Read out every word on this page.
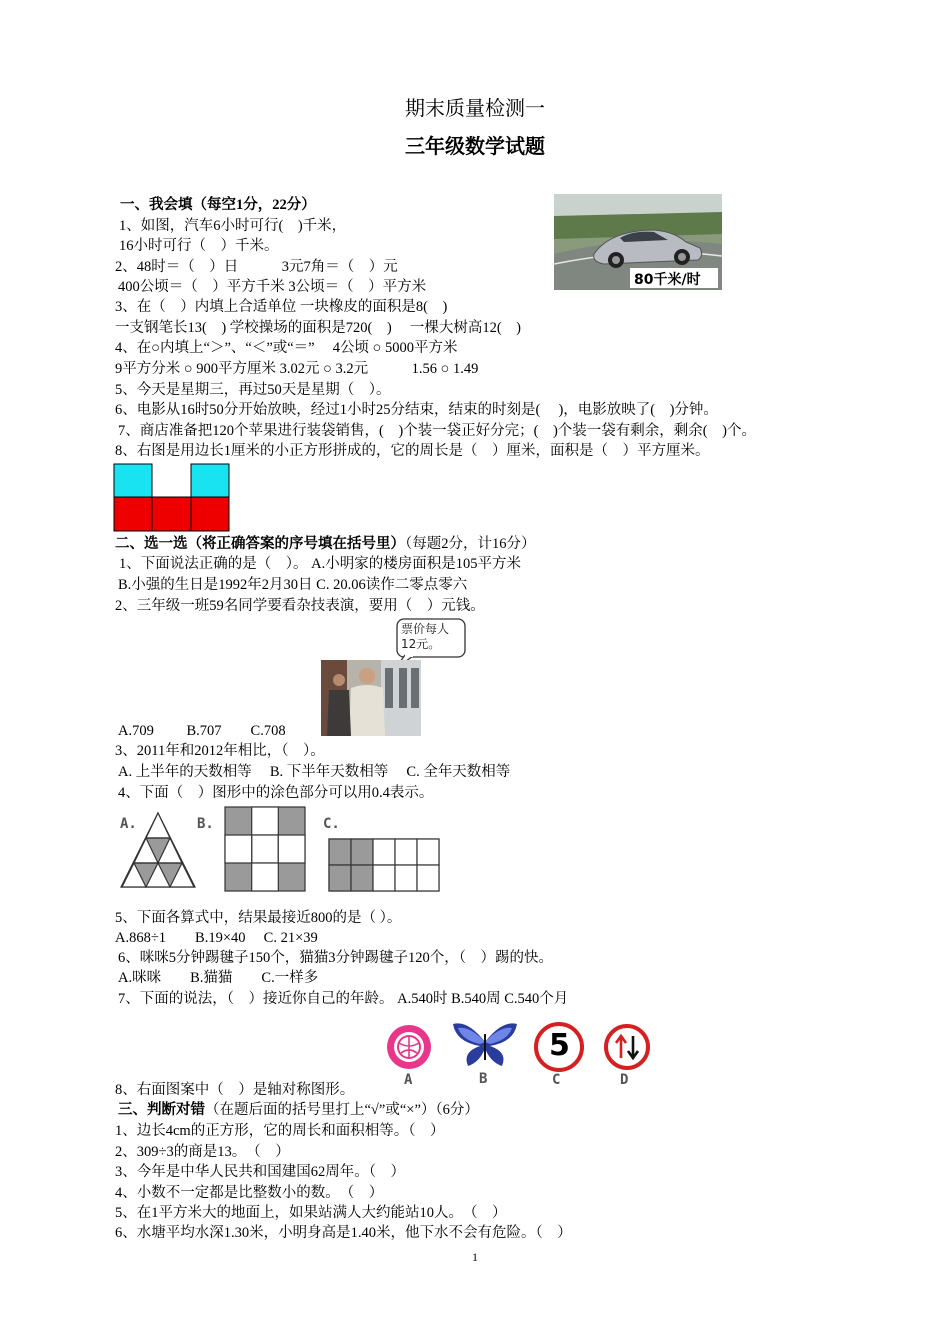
期末质量检测一
三年级数学试题
80千米/时
一、我会填（每空1分，22分）
1、如图，汽车6小时可行(　)千米，
16小时可行（　）千米。
2、48时＝（　）日　　　3元7角＝（　）元
400公顷＝（　）平方千米 3公顷＝（　）平方米
3、在（　）内填上合适单位 一块橡皮的面积是8(　)
一支钢笔长13(　) 学校操场的面积是720(　)　 一棵大树高12(　)
4、在○内填上“＞”、“＜”或“＝”　 4公顷 ○ 5000平方米
9平方分米 ○ 900平方厘米 3.02元 ○ 3.2元　　　1.56 ○ 1.49
5、今天是星期三，再过50天是星期（　）。
6、电影从16时50分开始放映，经过1小时25分结束，结束的时刻是(　 )，电影放映了(　)分钟。
7、商店准备把120个苹果进行装袋销售，(　)个装一袋正好分完；(　)个装一袋有剩余，剩余(　)个。
8、右图是用边长1厘米的小正方形拼成的，它的周长是（　）厘米，面积是（　）平方厘米。
二、选一选（将正确答案的序号填在括号里）（每题2分，计16分）
1、下面说法正确的是（　）。 A.小明家的楼房面积是105平方米
B.小强的生日是1992年2月30日 C. 20.06读作二零点零六
2、三年级一班59名同学要看杂技表演，要用（　）元钱。
票价每人12元。
A.709　　 B.707　　C.708
3、2011年和2012年相比，（　）。
A. 上半年的天数相等　 B. 下半年天数相等　 C. 全年天数相等
4、下面（　）图形中的涂色部分可以用0.4表示。
A.	B.	C.
5、下面各算式中，结果最接近800的是（ ）。
A.868÷1　　B.19×40　 C. 21×39
6、咪咪5分钟踢毽子150个，猫猫3分钟踢毽子120个，（　）踢的快。
A.咪咪　　B.猫猫　　C.一样多
7、下面的说法，（　）接近你自己的年龄。 A.540时 B.540周 C.540个月
5
A	B	C	D
8、右面图案中（　）是轴对称图形。
三、判断对错（在题后面的括号里打上“√”或“×”）（6分）
1、边长4cm的正方形，它的周长和面积相等。（　）
2、309÷3的商是13。　（　）
3、今年是中华人民共和国建国62周年。（　）
4、小数不一定都是比整数小的数。　（　）
5、在1平方米大的地面上，如果站满人大约能站10人。　（　）
6、水塘平均水深1.30米，小明身高是1.40米，他下水不会有危险。（　）
1
